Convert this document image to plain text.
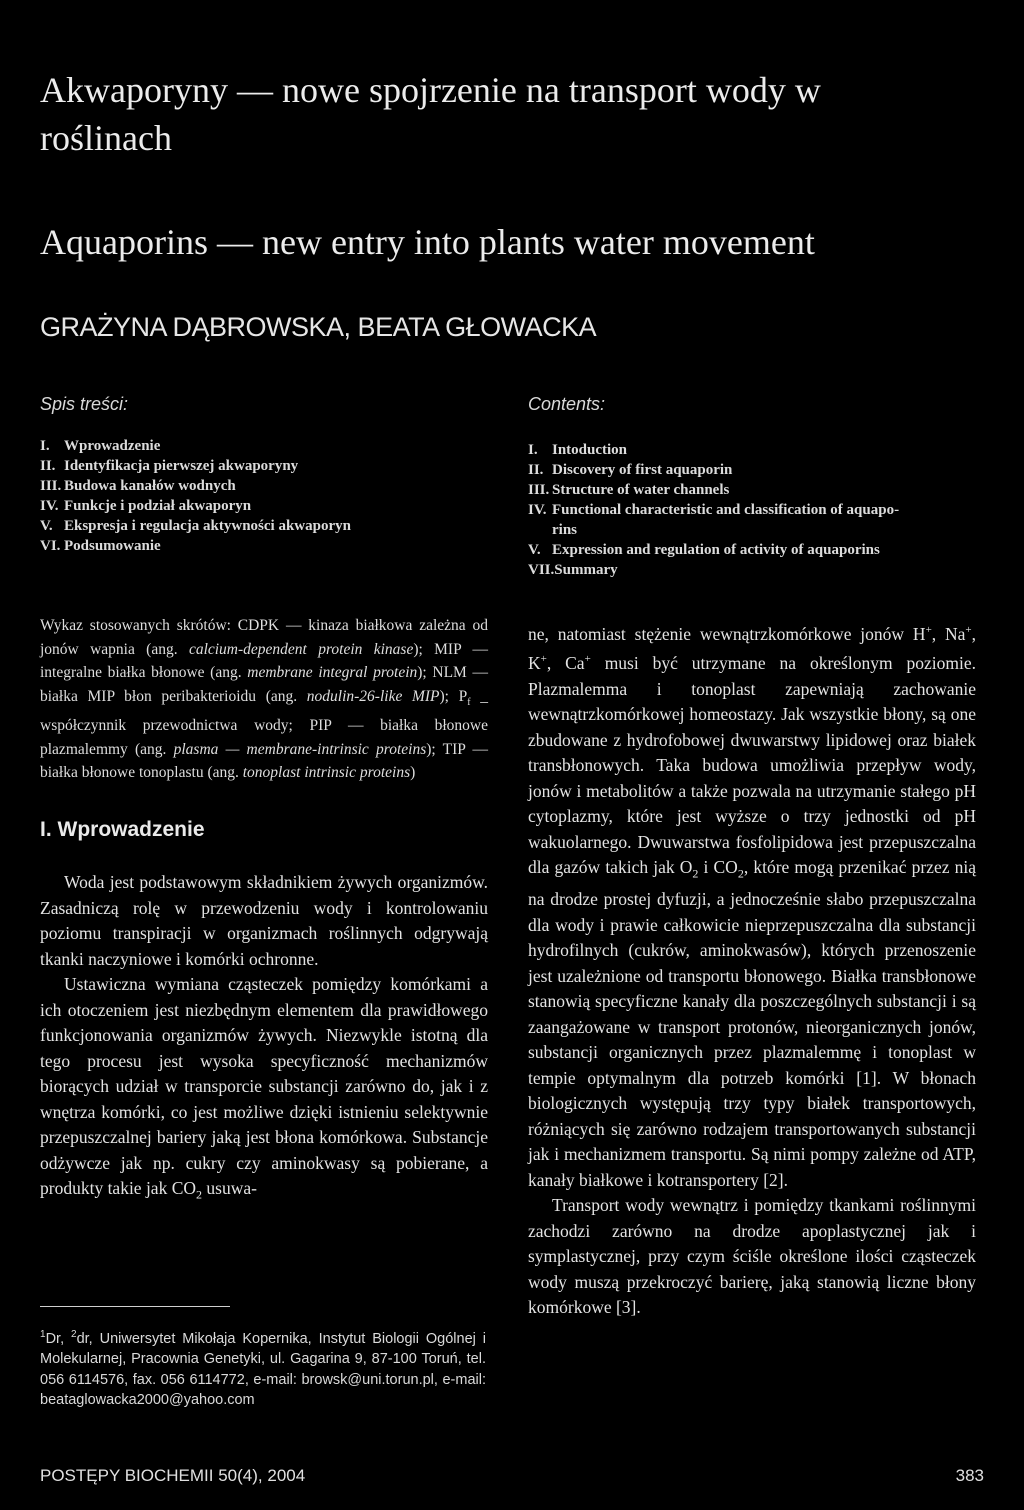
Akwaporyny — nowe spojrzenie na transport wody w
roślinach
Aquaporins — new entry into plants water movement
GRAŻYNA DĄBROWSKA, BEATA GŁOWACKA
Spis treści:
I. Wprowadzenie
II. Identyfikacja pierwszej akwaporyny
III. Budowa kanałów wodnych
IV. Funkcje i podział akwaporyn
V. Ekspresja i regulacja aktywności akwaporyn
VI. Podsumowanie
Contents:
I. Intoduction
II. Discovery of first aquaporin
III. Structure of water channels
IV. Functional characteristic and classification of aquapo-
rins
V. Expression and regulation of activity of aquaporins
VII.Summary
Wykaz stosowanych skrótów: CDPK — kinaza białkowa zależna od jonów wapnia (ang. calcium-dependent protein kinase); MIP — integralne białka błonowe (ang. membrane integral protein); NLM — białka MIP błon peribakterioidu (ang. nodulin-26-like MIP); $P_f$ _ współczynnik przewodnictwa wody; PIP — białka błonowe plazmalemmy (ang. plasma — membrane-intrinsic proteins); TIP — białka błonowe tonoplastu (ang. tonoplast intrinsic proteins)
I. Wprowadzenie

Woda jest podstawowym składnikiem żywych organizmów. Zasadniczą rolę w przewodzeniu wody i kontrolowaniu poziomu transpiracji w organizmach roślinnych odgrywają tkanki naczyniowe i komórki ochronne.

Ustawiczna wymiana cząsteczek pomiędzy komórkami a ich otoczeniem jest niezbędnym elementem dla prawidłowego funkcjonowania organizmów żywych. Niezwykle istotną dla tego procesu jest wysoka specyficzność mechanizmów biorących udział w transporcie substancji zarówno do, jak i z wnętrza komórki, co jest możliwe dzięki istnieniu selektywnie przepuszczalnej bariery jaką jest błona komórkowa. Substancje odżywcze jak np. cukry czy aminokwasy są pobierane, a produkty takie jak $CO_2$ usuwa-

ne, natomiast stężenie wewnątrzkomórkowe jonów H+, Na+, K+, Ca+ musi być utrzymane na określonym poziomie. Plazmalemma i tonoplast zapewniają zachowanie wewnątrzkomórkowej homeostazy. Jak wszystkie błony, są one zbudowane z hydrofobowej dwuwarstwy lipidowej oraz białek transbłonowych. Taka budowa umożliwia przepływ wody, jonów i metabolitów a także pozwala na utrzymanie stałego pH cytoplazmy, które jest wyższe o trzy jednostki od pH wakuolarnego. Dwuwarstwa fosfolipidowa jest przepuszczalna dla gazów takich jak $O_2$ i $CO_2$, które mogą przenikać przez nią na drodze prostej dyfuzji, a jednocześnie słabo przepuszczalna dla wody i prawie całkowicie nieprzepuszczalna dla substancji hydrofilnych (cukrów, aminokwasów), których przenoszenie jest uzależnione od transportu błonowego. Białka transbłonowe stanowią specyficzne kanały dla poszczególnych substancji i są zaangażowane w transport protonów, nieorganicznych jonów, substancji organicznych przez plazmalemmę i tonoplast w tempie optymalnym dla potrzeb komórki [1]. W błonach biologicznych występują trzy typy białek transportowych, różniących się zarówno rodzajem transportowanych substancji jak i mechanizmem transportu. Są nimi pompy zależne od ATP, kanały białkowe i kotransportery [2].

Transport wody wewnątrz i pomiędzy tkankami roślinnymi zachodzi zarówno na drodze apoplastycznej jak i symplastycznej, przy czym ściśle określone ilości cząsteczek wody muszą przekroczyć barierę, jaką stanowią liczne błony komórkowe [3].

$^1$Dr, $^2$dr, Uniwersytet Mikołaja Kopernika, Instytut Biologii Ogólnej i Molekularnej, Pracownia Genetyki, ul. Gagarina 9, 87-100 Toruń, tel. 056 6114576, fax. 056 6114772, e-mail: browsk@uni.torun.pl, e-mail: beataglowacka2000@yahoo.com
POSTĘPY BIOCHEMII 50(4), 2004	383
